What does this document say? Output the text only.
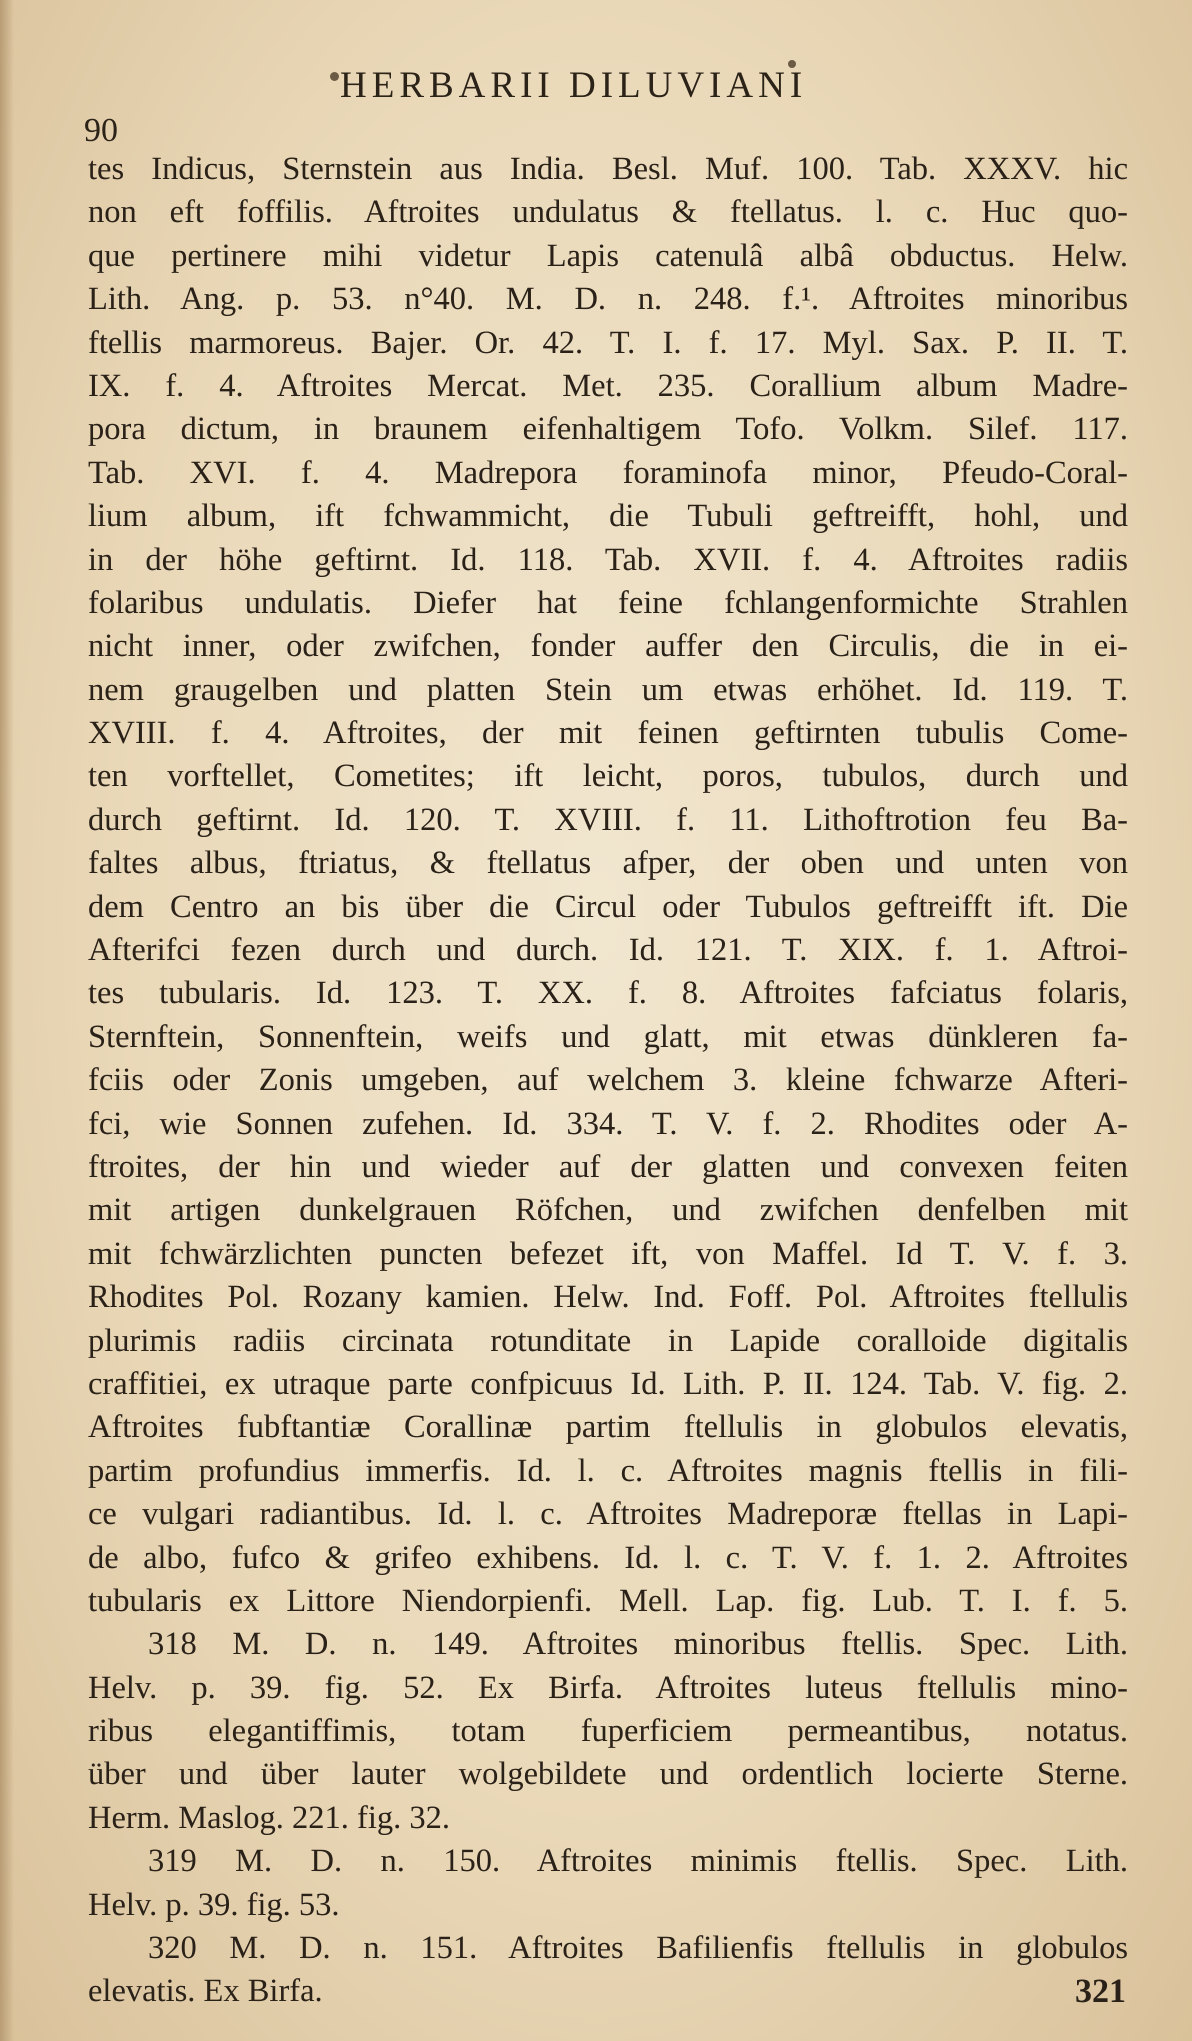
90
HERBARII DILUVIANI
tes Indicus, Sternstein aus India. Besl. Muf. 100. Tab. XXXV. hic
non eft foffilis. Aftroites undulatus & ftellatus. l. c. Huc quo-
que pertinere mihi videtur Lapis catenulâ albâ obductus. Helw.
Lith. Ang. p. 53. n°40. M. D. n. 248. f.¹. Aftroites minoribus
ftellis marmoreus. Bajer. Or. 42. T. I. f. 17. Myl. Sax. P. II. T.
IX. f. 4. Aftroites Mercat. Met. 235. Corallium album Madre-
pora dictum, in braunem eifenhaltigem Tofo. Volkm. Silef. 117.
Tab. XVI. f. 4. Madrepora foraminofa minor, Pfeudo-Coral-
lium album, ift fchwammicht, die Tubuli geftreifft, hohl, und
in der höhe geftirnt. Id. 118. Tab. XVII. f. 4. Aftroites radiis
folaribus undulatis. Diefer hat feine fchlangenformichte Strahlen
nicht inner, oder zwifchen, fonder auffer den Circulis, die in ei-
nem graugelben und platten Stein um etwas erhöhet. Id. 119. T.
XVIII. f. 4. Aftroites, der mit feinen geftirnten tubulis Come-
ten vorftellet, Cometites; ift leicht, poros, tubulos, durch und
durch geftirnt. Id. 120. T. XVIII. f. 11. Lithoftrotion feu Ba-
faltes albus, ftriatus, & ftellatus afper, der oben und unten von
dem Centro an bis über die Circul oder Tubulos geftreifft ift. Die
Afterifci fezen durch und durch. Id. 121. T. XIX. f. 1. Aftroi-
tes tubularis. Id. 123. T. XX. f. 8. Aftroites fafciatus folaris,
Sternftein, Sonnenftein, weifs und glatt, mit etwas dünkleren fa-
fciis oder Zonis umgeben, auf welchem 3. kleine fchwarze Afteri-
fci, wie Sonnen zufehen. Id. 334. T. V. f. 2. Rhodites oder A-
ftroites, der hin und wieder auf der glatten und convexen feiten
mit artigen dunkelgrauen Röfchen, und zwifchen denfelben mit
mit fchwärzlichten puncten befezet ift, von Maffel. Id T. V. f. 3.
Rhodites Pol. Rozany kamien. Helw. Ind. Foff. Pol. Aftroites ftellulis
plurimis radiis circinata rotunditate in Lapide coralloide digitalis
craffitiei, ex utraque parte confpicuus Id. Lith. P. II. 124. Tab. V. fig. 2.
Aftroites fubftantiæ Corallinæ partim ftellulis in globulos elevatis,
partim profundius immerfis. Id. l. c. Aftroites magnis ftellis in fili-
ce vulgari radiantibus. Id. l. c. Aftroites Madreporæ ftellas in Lapi-
de albo, fufco & grifeo exhibens. Id. l. c. T. V. f. 1. 2. Aftroites
tubularis ex Littore Niendorpienfi. Mell. Lap. fig. Lub. T. I. f. 5.
318 M. D. n. 149. Aftroites minoribus ftellis. Spec. Lith.
Helv. p. 39. fig. 52. Ex Birfa. Aftroites luteus ftellulis mino-
ribus elegantiffimis, totam fuperficiem permeantibus, notatus.
über und über lauter wolgebildete und ordentlich locierte Sterne.
Herm. Maslog. 221. fig. 32.
319 M. D. n. 150. Aftroites minimis ftellis. Spec. Lith.
Helv. p. 39. fig. 53.
320 M. D. n. 151. Aftroites Bafilienfis ftellulis in globulos
elevatis. Ex Birfa.	321
